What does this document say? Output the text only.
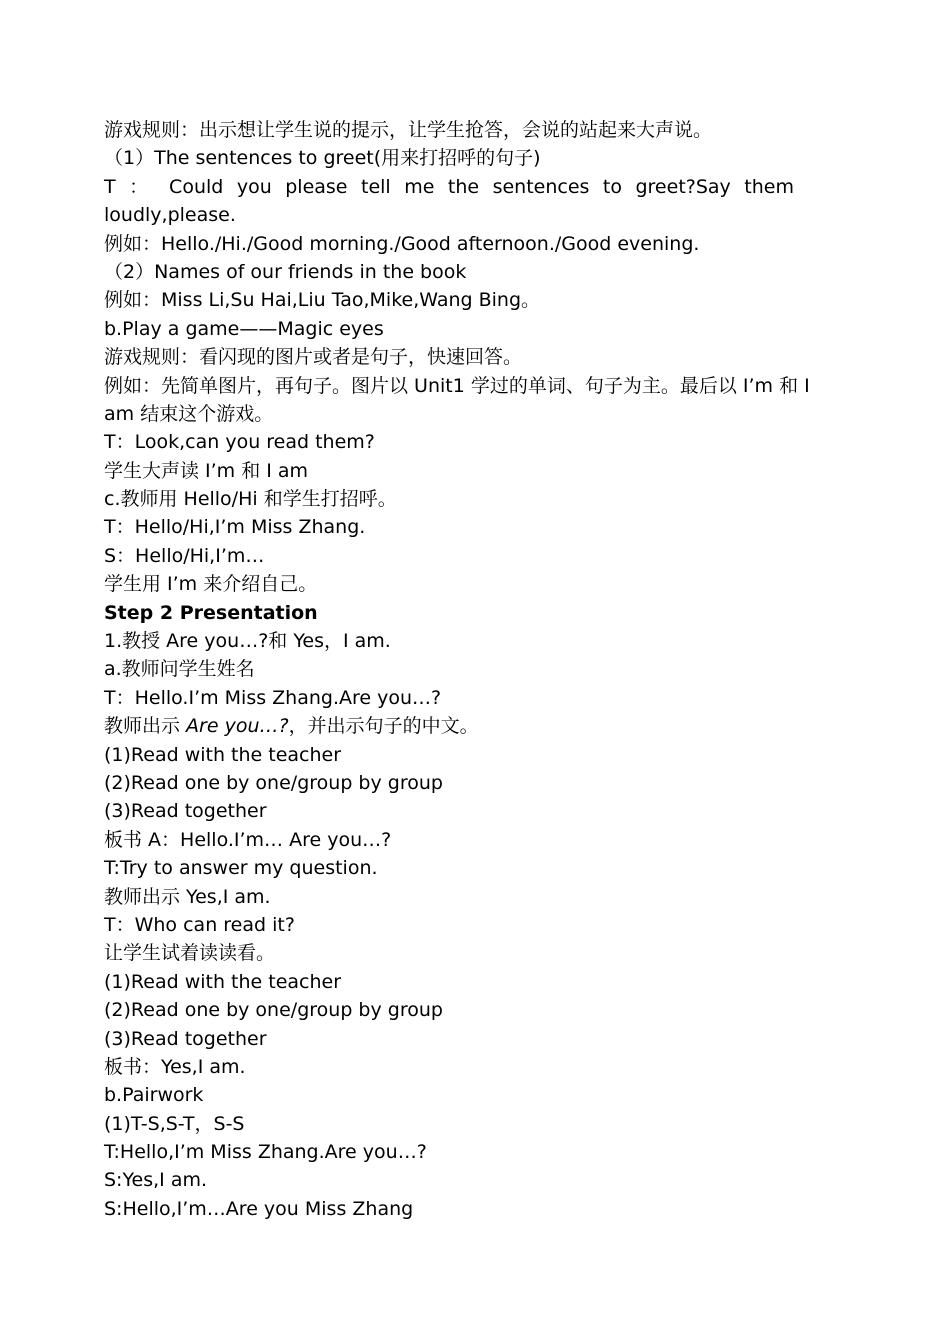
游戏规则：出示想让学生说的提示，让学生抢答，会说的站起来大声说。
（1）The sentences to greet(用来打招呼的句子)
T ： Could you please tell me the sentences to greet?Say them
loudly,please.
例如：Hello./Hi./Good morning./Good afternoon./Good evening.
（2）Names of our friends in the book
例如：Miss Li,Su Hai,Liu Tao,Mike,Wang Bing。
b.Play a game——Magic eyes
游戏规则：看闪现的图片或者是句子，快速回答。
例如：先简单图片，再句子。图片以 Unit1 学过的单词、句子为主。最后以 I’m 和 I
am 结束这个游戏。
T：Look,can you read them?
学生大声读 I’m 和 I am
c.教师用 Hello/Hi 和学生打招呼。
T：Hello/Hi,I’m Miss Zhang.
S：Hello/Hi,I’m…
学生用 I’m 来介绍自己。
Step 2 Presentation
1.教授 Are you…?和 Yes，I am.
a.教师问学生姓名
T：Hello.I’m Miss Zhang.Are you…?
教师出示 Are you…?，并出示句子的中文。
(1)Read with the teacher
(2)Read one by one/group by group
(3)Read together
板书 A：Hello.I’m… Are you…?
T:Try to answer my question.
教师出示 Yes,I am.
T：Who can read it?
让学生试着读读看。
(1)Read with the teacher
(2)Read one by one/group by group
(3)Read together
板书：Yes,I am.
b.Pairwork
(1)T-S,S-T，S-S
T:Hello,I’m Miss Zhang.Are you…?
S:Yes,I am.
S:Hello,I’m…Are you Miss Zhang
